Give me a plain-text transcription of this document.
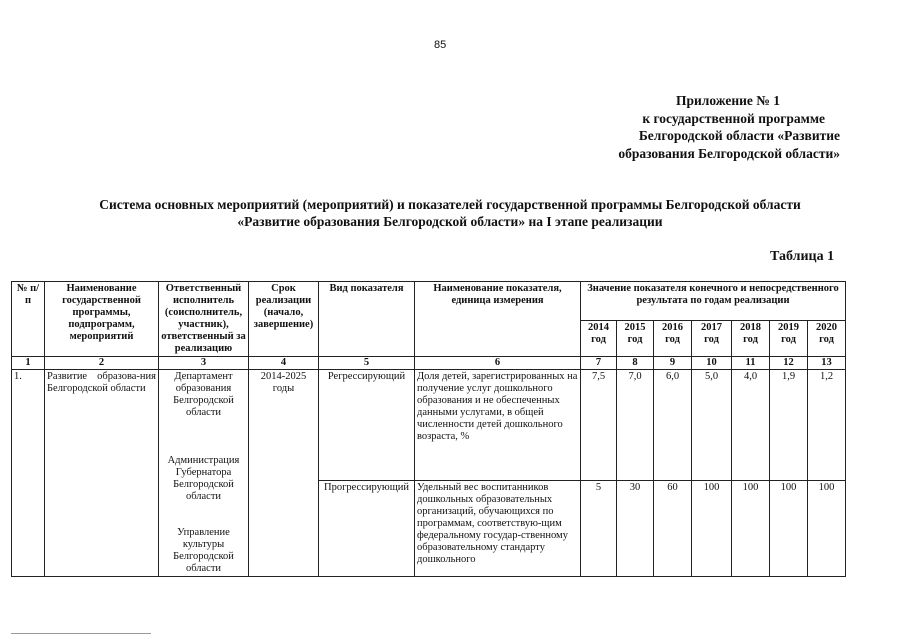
85
Приложение № 1
к государственной программе
Белгородской области «Развитие
образования Белгородской области»
Система основных мероприятий (мероприятий) и показателей государственной программы Белгородской области
«Развитие образования Белгородской области» на I этапе реализации
Таблица 1
№ п/п	Наименование государственной программы, подпрограмм, мероприятий	Ответственный исполнитель (соисполнитель, участник), ответственный за реализацию	Срок реализации (начало, завершение)	Вид показателя	Наименование показателя, единица измерения	Значение показателя конечного и непосредственного результата по годам реализации						
						2014 год	2015 год	2016 год	2017 год	2018 год	2019 год	2020 год
1	2	3	4	5	6	7	8	9	10	11	12	13
1.	Развитие образова-ния Белгородской области	Департамент образования Белгородской области
Администрация Губернатора Белгородской области
Управление культуры Белгородской области	2014-2025 годы	Регрессирующий	Доля детей, зарегистрированных на получение услуг дошкольного образования и не обеспеченных данными услугами, в общей численности детей дошкольного возраста, %	7,5	7,0	6,0	5,0	4,0	1,9	1,2
				Прогрессирующий	Удельный вес воспитанников дошкольных образовательных организаций, обучающихся по программам, соответствую-щим федеральному государ-ственному образовательному стандарту дошкольного	5	30	60	100	100	100	100
